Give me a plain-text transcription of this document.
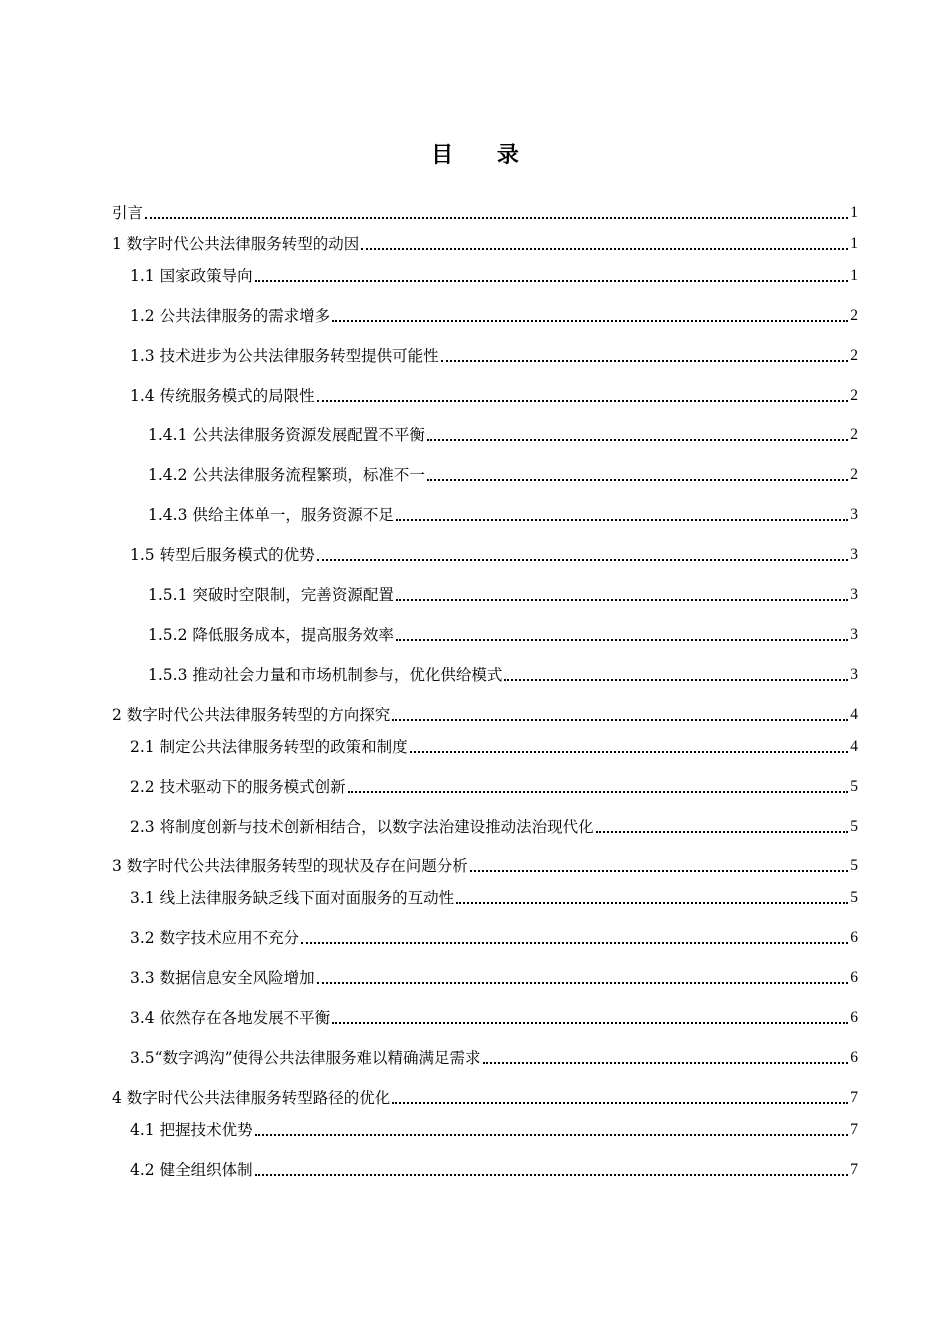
目 录
引言	1
1 数字时代公共法律服务转型的动因	1
1.1 国家政策导向	1
1.2 公共法律服务的需求增多	2
1.3 技术进步为公共法律服务转型提供可能性	2
1.4 传统服务模式的局限性	2
1.4.1 公共法律服务资源发展配置不平衡	2
1.4.2 公共法律服务流程繁琐，标准不一	2
1.4.3 供给主体单一，服务资源不足	3
1.5 转型后服务模式的优势	3
1.5.1 突破时空限制，完善资源配置	3
1.5.2 降低服务成本，提高服务效率	3
1.5.3 推动社会力量和市场机制参与，优化供给模式	3
2 数字时代公共法律服务转型的方向探究	4
2.1 制定公共法律服务转型的政策和制度	4
2.2 技术驱动下的服务模式创新	5
2.3 将制度创新与技术创新相结合，以数字法治建设推动法治现代化	5
3 数字时代公共法律服务转型的现状及存在问题分析	5
3.1 线上法律服务缺乏线下面对面服务的互动性	5
3.2 数字技术应用不充分	6
3.3 数据信息安全风险增加	6
3.4 依然存在各地发展不平衡	6
3.5“数字鸿沟”使得公共法律服务难以精确满足需求	6
4 数字时代公共法律服务转型路径的优化	7
4.1 把握技术优势	7
4.2 健全组织体制	7
